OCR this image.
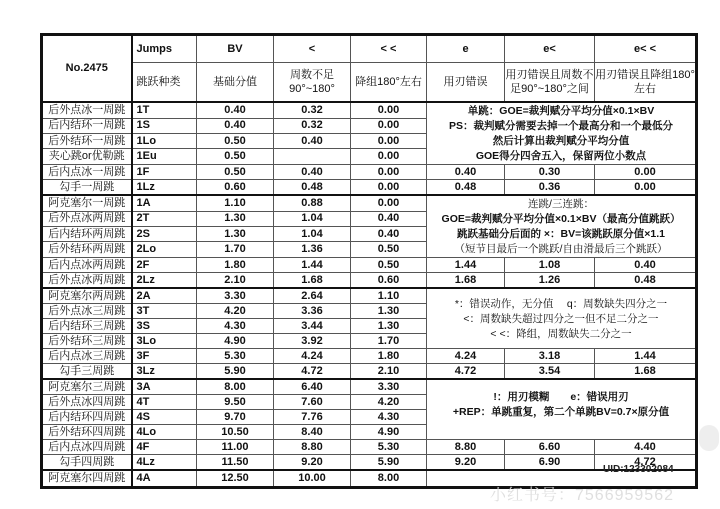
No.2475	Jumps	BV	<	< <	e	e<	e< <
	跳跃种类	基础分值	周数不足90°~180°	降组180°左右	用刃错误	用刃错误且周数不足90°~180°之间	用刃错误且降组180°左右
后外点冰一周跳	1T	0.40	0.32	0.00	单跳：GOE=裁判赋分平均分值×0.1×BV
PS：裁判赋分需要去掉一个最高分和一个最低分
然后计算出裁判赋分平均分值
GOE得分四舍五入，保留两位小数点		

后内结环一周跳	1S	0.40	0.32	0.00			
后外结环一周跳	1Lo	0.50	0.40	0.00			
夹心跳or优勒跳	1Eu	0.50		0.00			
后内点冰一周跳	1F	0.50	0.40	0.00	0.40	0.30	0.00
勾手一周跳	1Lz	0.60	0.48	0.00	0.48	0.36	0.00
阿克塞尔一周跳	1A	1.10	0.88	0.00	连跳/三连跳：
GOE=裁判赋分平均分值×0.1×BV（最高分值跳跃）
跳跃基础分后面的 ×：BV=该跳跃原分值×1.1
（短节目最后一个跳跃/自由滑最后三个跳跃）		

后外点冰两周跳	2T	1.30	1.04	0.40			
后内结环两周跳	2S	1.30	1.04	0.40			
后外结环两周跳	2Lo	1.70	1.36	0.50			
后内点冰两周跳	2F	1.80	1.44	0.50	1.44	1.08	0.40
后外点冰两周跳	2Lz	2.10	1.68	0.60	1.68	1.26	0.48
阿克塞尔两周跳	2A	3.30	2.64	1.10	*：错误动作，无分值　 q：周数缺失四分之一
<：周数缺失超过四分之一但不足二分之一
< <：降组，周数缺失二分之一		

后外点冰三周跳	3T	4.20	3.36	1.30			
后内结环三周跳	3S	4.30	3.44	1.30			
后外结环三周跳	3Lo	4.90	3.92	1.70			
后内点冰三周跳	3F	5.30	4.24	1.80	4.24	3.18	1.44
勾手三周跳	3Lz	5.90	4.72	2.10	4.72	3.54	1.68
阿克塞尔三周跳	3A	8.00	6.40	3.30	!：用刃模糊　　e：错误用刃
+REP：单跳重复，第二个单跳BV=0.7×原分值		

后外点冰四周跳	4T	9.50	7.60	4.20			
后内结环四周跳	4S	9.70	7.76	4.30			
后外结环四周跳	4Lo	10.50	8.40	4.90			
后内点冰四周跳	4F	11.00	8.80	5.30	8.80	6.60	4.40
勾手四周跳	4Lz	11.50	9.20	5.90	9.20	6.90	4.72
阿克塞尔四周跳	4A	12.50	10.00	8.00			
UID:123302084
小红书号：7566959562
